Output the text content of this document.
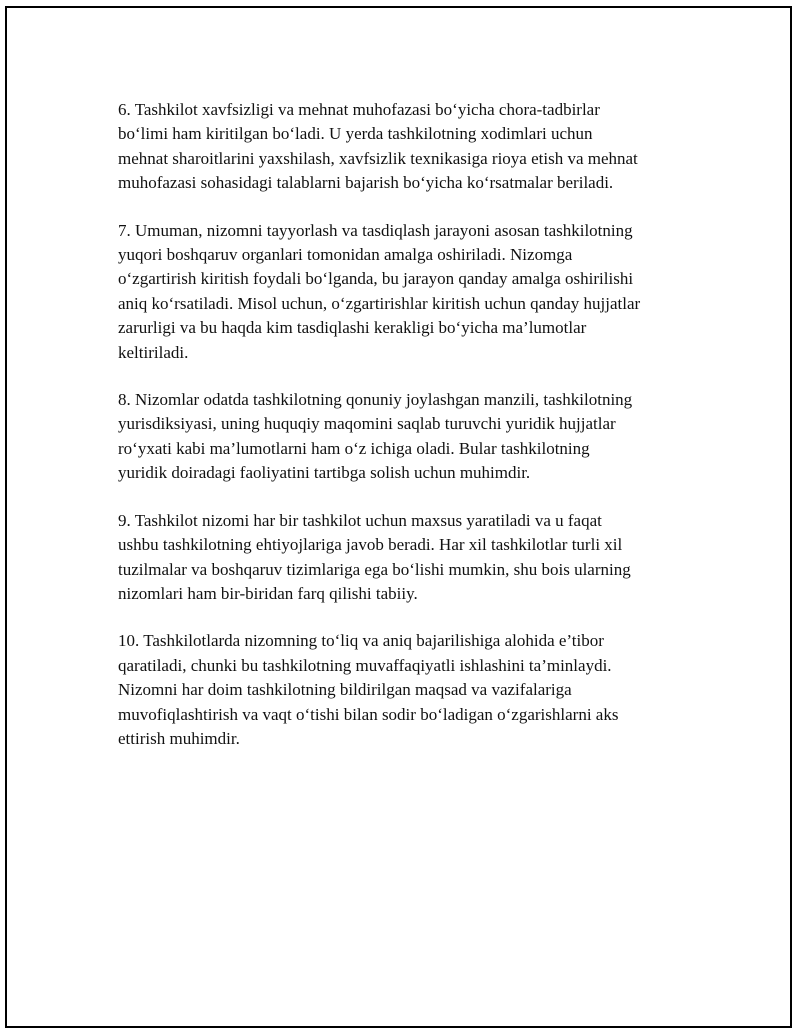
6. Tashkilot xavfsizligi va mehnat muhofazasi bo‘yicha chora-tadbirlar
bo‘limi ham kiritilgan bo‘ladi. U yerda tashkilotning xodimlari uchun
mehnat sharoitlarini yaxshilash, xavfsizlik texnikasiga rioya etish va mehnat
muhofazasi sohasidagi talablarni bajarish bo‘yicha ko‘rsatmalar beriladi.

7. Umuman, nizomni tayyorlash va tasdiqlash jarayoni asosan tashkilotning
yuqori boshqaruv organlari tomonidan amalga oshiriladi. Nizomga
o‘zgartirish kiritish foydali bo‘lganda, bu jarayon qanday amalga oshirilishi
aniq ko‘rsatiladi. Misol uchun, o‘zgartirishlar kiritish uchun qanday hujjatlar
zarurligi va bu haqda kim tasdiqlashi kerakligi bo‘yicha ma’lumotlar
keltiriladi.

8. Nizomlar odatda tashkilotning qonuniy joylashgan manzili, tashkilotning
yurisdiksiyasi, uning huquqiy maqomini saqlab turuvchi yuridik hujjatlar
ro‘yxati kabi ma’lumotlarni ham o‘z ichiga oladi. Bular tashkilotning
yuridik doiradagi faoliyatini tartibga solish uchun muhimdir.

9. Tashkilot nizomi har bir tashkilot uchun maxsus yaratiladi va u faqat
ushbu tashkilotning ehtiyojlariga javob beradi. Har xil tashkilotlar turli xil
tuzilmalar va boshqaruv tizimlariga ega bo‘lishi mumkin, shu bois ularning
nizomlari ham bir-biridan farq qilishi tabiiy.

10. Tashkilotlarda nizomning to‘liq va aniq bajarilishiga alohida e’tibor
qaratiladi, chunki bu tashkilotning muvaffaqiyatli ishlashini ta’minlaydi.
Nizomni har doim tashkilotning bildirilgan maqsad va vazifalariga
muvofiqlashtirish va vaqt o‘tishi bilan sodir bo‘ladigan o‘zgarishlarni aks
ettirish muhimdir.
